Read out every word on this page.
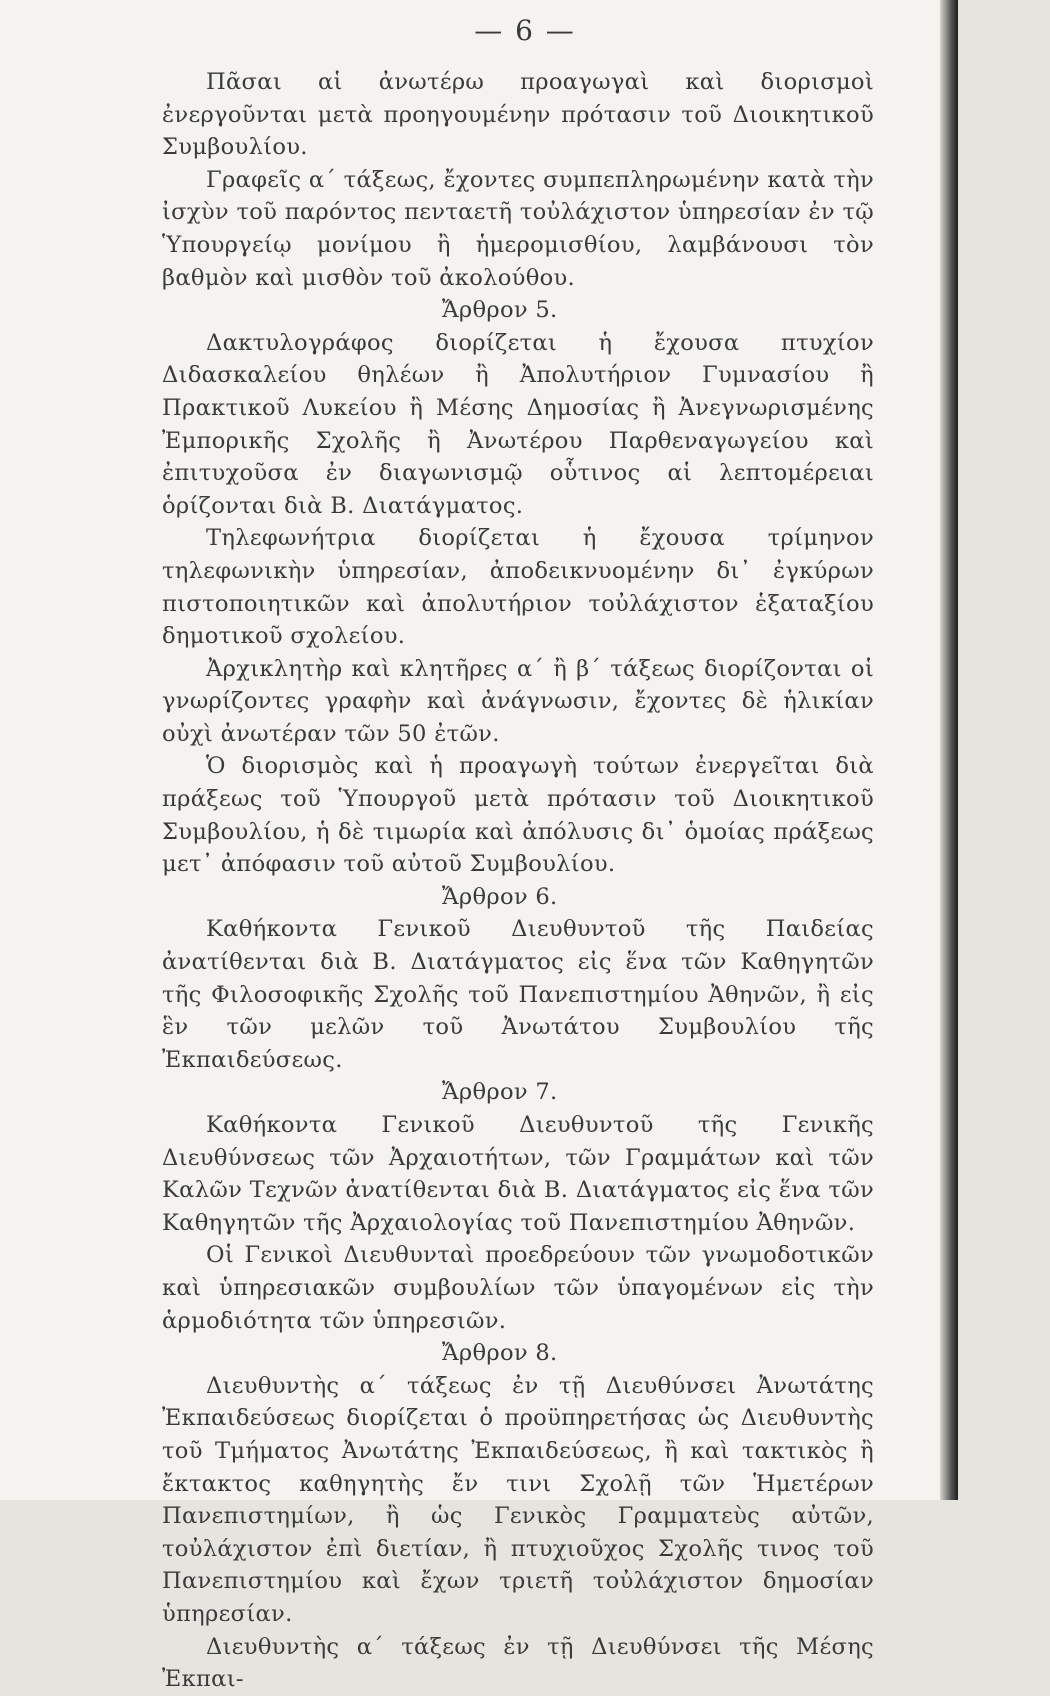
— 6 —

Πᾶσαι αἱ ἀνωτέρω προαγωγαὶ καὶ διορισμοὶ ἐνεργοῦνται μετὰ προηγουμένην πρότασιν τοῦ Διοικητικοῦ Συμβουλίου.

Γραφεῖς α΄ τάξεως, ἔχοντες συμπεπληρωμένην κατὰ τὴν ἰσχὺν τοῦ παρόντος πενταετῆ τοὐλάχιστον ὑπηρεσίαν ἐν τῷ Ὑπουργείῳ μονίμου ἢ ἡμερομισθίου, λαμβάνουσι τὸν βαθμὸν καὶ μισθὸν τοῦ ἀκολούθου.

Ἄρθρον 5.

Δακτυλογράφος διορίζεται ἡ ἔχουσα πτυχίον Διδασκαλείου θηλέων ἢ Ἀπολυτήριον Γυμνασίου ἢ Πρακτικοῦ Λυκείου ἢ Μέσης Δημοσίας ἢ Ἀνεγνωρισμένης Ἐμπορικῆς Σχολῆς ἢ Ἀνωτέρου Παρθεναγωγείου καὶ ἐπιτυχοῦσα ἐν διαγωνισμῷ οὗτινος αἱ λεπτομέρειαι ὁρίζονται διὰ Β. Διατάγματος.

Τηλεφωνήτρια διορίζεται ἡ ἔχουσα τρίμηνον τηλεφωνικὴν ὑπηρεσίαν, ἀποδεικνυομένην δι᾽ ἐγκύρων πιστοποιητικῶν καὶ ἀπολυτήριον τοὐλάχιστον ἑξαταξίου δημοτικοῦ σχολείου.

Ἀρχικλητὴρ καὶ κλητῆρες α΄ ἢ β΄ τάξεως διορίζονται οἱ γνωρίζοντες γραφὴν καὶ ἀνάγνωσιν, ἔχοντες δὲ ἡλικίαν οὐχὶ ἀνωτέραν τῶν 50 ἐτῶν.

Ὁ διορισμὸς καὶ ἡ προαγωγὴ τούτων ἐνεργεῖται διὰ πράξεως τοῦ Ὑπουργοῦ μετὰ πρότασιν τοῦ Διοικητικοῦ Συμβουλίου, ἡ δὲ τιμωρία καὶ ἀπόλυσις δι᾽ ὁμοίας πράξεως μετ᾽ ἀπόφασιν τοῦ αὐτοῦ Συμβουλίου.

Ἄρθρον 6.

Καθήκοντα Γενικοῦ Διευθυντοῦ τῆς Παιδείας ἀνατίθενται διὰ Β. Διατάγματος εἰς ἕνα τῶν Καθηγητῶν τῆς Φιλοσοφικῆς Σχολῆς τοῦ Πανεπιστημίου Ἀθηνῶν, ἢ εἰς ἓν τῶν μελῶν τοῦ Ἀνωτάτου Συμβουλίου τῆς Ἐκπαιδεύσεως.

Ἄρθρον 7.

Καθήκοντα Γενικοῦ Διευθυντοῦ τῆς Γενικῆς Διευθύνσεως τῶν Ἀρχαιοτήτων, τῶν Γραμμάτων καὶ τῶν Καλῶν Τεχνῶν ἀνατίθενται διὰ Β. Διατάγματος εἰς ἕνα τῶν Καθηγητῶν τῆς Ἀρχαιολογίας τοῦ Πανεπιστημίου Ἀθηνῶν.

Οἱ Γενικοὶ Διευθυνταὶ προεδρεύουν τῶν γνωμοδοτικῶν καὶ ὑπηρεσιακῶν συμβουλίων τῶν ὑπαγομένων εἰς τὴν ἁρμοδιότητα τῶν ὑπηρεσιῶν.

Ἄρθρον 8.

Διευθυντὴς α΄ τάξεως ἐν τῇ Διευθύνσει Ἀνωτάτης Ἐκπαιδεύσεως διορίζεται ὁ προϋπηρετήσας ὡς Διευθυντὴς τοῦ Τμήματος Ἀνωτάτης Ἐκπαιδεύσεως, ἢ καὶ τακτικὸς ἢ ἔκτακτος καθηγητὴς ἔν τινι Σχολῇ τῶν Ἡμετέρων Πανεπιστημίων, ἢ ὡς Γενικὸς Γραμματεὺς αὐτῶν, τοὐλάχιστον ἐπὶ διετίαν, ἢ πτυχιοῦχος Σχολῆς τινος τοῦ Πανεπιστημίου καὶ ἔχων τριετῆ τοὐλάχιστον δημοσίαν ὑπηρεσίαν.

Διευθυντὴς α΄ τάξεως ἐν τῇ Διευθύνσει τῆς Μέσης Ἐκπαι-
